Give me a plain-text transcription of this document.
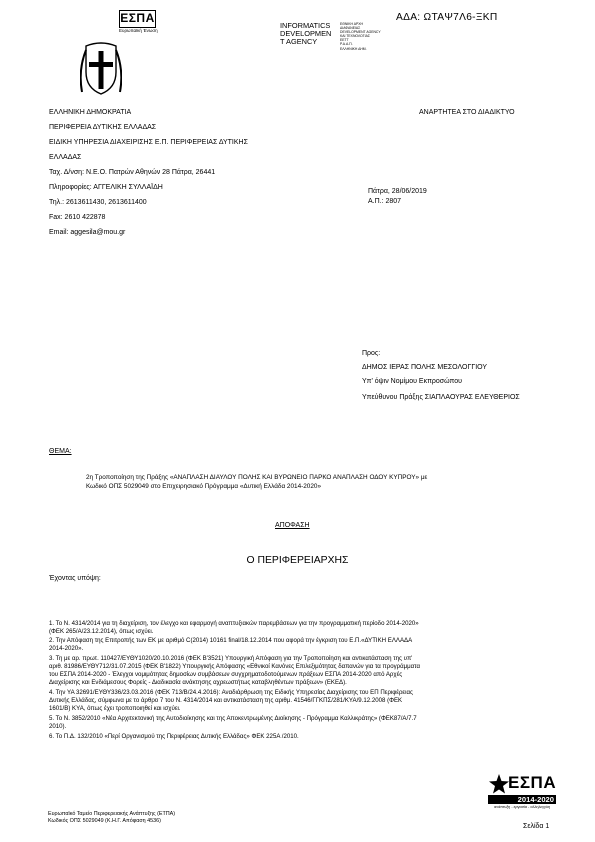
ΕΣΠΑ
Ευρωπαϊκή Ένωση
INFORMATICS
DEVELOPMEN
T AGENCY
ΕΘΝΙΚΗ ΑΡΧΗ
ΔΙΑΦΑΝΕΙΑΣ
DEVELOPMENT AGENCY
ΚΑΙ ΤΕΧΝΟΛΟΓΙΑΣ
ΕΕΤΤ
Ρ.Α.Α.Π.
ΕΛΛΗΝΙΚΗ ΔΗΜ.
ΑΔΑ: ΩΤΑΨ7Λ6-ΞΚΠ
ΕΛΛΗΝΙΚΗ ΔΗΜΟΚΡΑΤΙΑ
ΠΕΡΙΦΕΡΕΙΑ ΔΥΤΙΚΗΣ ΕΛΛΑΔΑΣ
ΕΙΔΙΚΗ ΥΠΗΡΕΣΙΑ ΔΙΑΧΕΙΡΙΣΗΣ Ε.Π. ΠΕΡΙΦΕΡΕΙΑΣ ΔΥΤΙΚΗΣ
ΕΛΛΑΔΑΣ
Ταχ. Δ/νση: Ν.Ε.Ο. Πατρών Αθηνών 28 Πάτρα, 26441
Πληροφορίες: ΑΓΓΕΛΙΚΗ ΣΥΛΛΑΪΔΗ
Τηλ.: 2613611430, 2613611400
Fax: 2610 422878
Email: aggesila@mou.gr
ΑΝΑΡΤΗΤΕΑ ΣΤΟ ΔΙΑΔΙΚΤΥΟ
Πάτρα, 28/06/2019
Α.Π.: 2807
Προς:
ΔΗΜΟΣ ΙΕΡΑΣ ΠΟΛΗΣ ΜΕΣΟΛΟΓΓΙΟΥ
Υπ' όψιν Νομίμου Εκπροσώπου
Υπεύθυνου Πράξης ΣΙΑΠΛΑΟΥΡΑΣ ΕΛΕΥΘΕΡΙΟΣ
ΘΕΜΑ:
2η Τροποποίηση της Πράξης «ΑΝΑΠΛΑΣΗ ΔΙΑΥΛΟΥ ΠΟΛΗΣ ΚΑΙ ΒΥΡΩΝΕΙΟ ΠΑΡΚΟ ΑΝΑΠΛΑΣΗ ΟΔΟΥ ΚΥΠΡΟΥ» με
Κωδικό ΟΠΣ 5029049 στο Επιχειρησιακό Πρόγραμμα «Δυτική Ελλάδα 2014-2020»
ΑΠΟΦΑΣΗ
Ο ΠΕΡΙΦΕΡΕΙΑΡΧΗΣ
Έχοντας υπόψη:
1. Το Ν. 4314/2014 για τη διαχείριση, τον έλεγχο και εφαρμογή αναπτυξιακών παρεμβάσεων για την προγραμματική περίοδο 2014-2020»
(ΦΕΚ 265/Α/23.12.2014), όπως ισχύει.
2. Την Απόφαση της Επιτροπής των ΕΚ με αριθμό C(2014) 10161 final/18.12.2014 που αφορά την έγκριση του Ε.Π.«ΔΥΤΙΚΗ ΕΛΛΑΔΑ
2014-2020».
3. Τη με αρ. πρωτ. 110427/ΕΥΘΥ1020/20.10.2016 (ΦΕΚ Β'3521) Υπουργική Απόφαση για την Τροποποίηση και αντικατάσταση της υπ'
αριθ. 81986/ΕΥΘΥ712/31.07.2015 (ΦΕΚ Β'1822) Υπουργικής Απόφασης «Εθνικοί Κανόνες Επιλεξιμότητας δαπανών για τα προγράμματα
του ΕΣΠΑ 2014-2020 - Έλεγχοι νομιμότητας δημοσίων συμβάσεων συγχρηματοδοτούμενων πράξεων ΕΣΠΑ 2014-2020 από Αρχές
Διαχείρισης και Ενδιάμεσους Φορείς - Διαδικασία ανάκτησης αχρεωστήτως καταβληθέντων πράξεων» (ΕΚΕΔ).
4. Την ΥΑ 32691/ΕΥΘΥ336/23.03.2016 (ΦΕΚ 713/Β/24.4.2016): Αναδιάρθρωση της Ειδικής Υπηρεσίας Διαχείρισης του ΕΠ Περιφέρειας
Δυτικής Ελλάδας, σύμφωνα με το άρθρο 7 του Ν. 4314/2014 και αντικατάσταση της αριθμ. 41546/ΓΓΚΠΣ/281/ΚΥΑ/9.12.2008 (ΦΕΚ
1601/Β) ΚΥΑ, όπως έχει τροποποιηθεί και ισχύει.
5. Το Ν. 3852/2010 «Νέα Αρχιτεκτονική της Αυτοδιοίκησης και της Αποκεντρωμένης Διοίκησης - Πρόγραμμα Καλλικράτης» (ΦΕΚ87/Α/7.7
2010).
6. Το Π.Δ. 132/2010 «Περί Οργανισμού της Περιφέρειας Δυτικής Ελλάδας» ΦΕΚ 225Α /2010.
ΕΣΠΑ
2014-2020
ανάπτυξη - εργασία - αλληλεγγύη
Ευρωπαϊκό Ταμείο Περιφερειακής Ανάπτυξης (ΕΤΠΑ)
Κωδικός ΟΠΣ 5029049 (Κ.Η.Γ. Απόφαση 4536)
Σελίδα 1
